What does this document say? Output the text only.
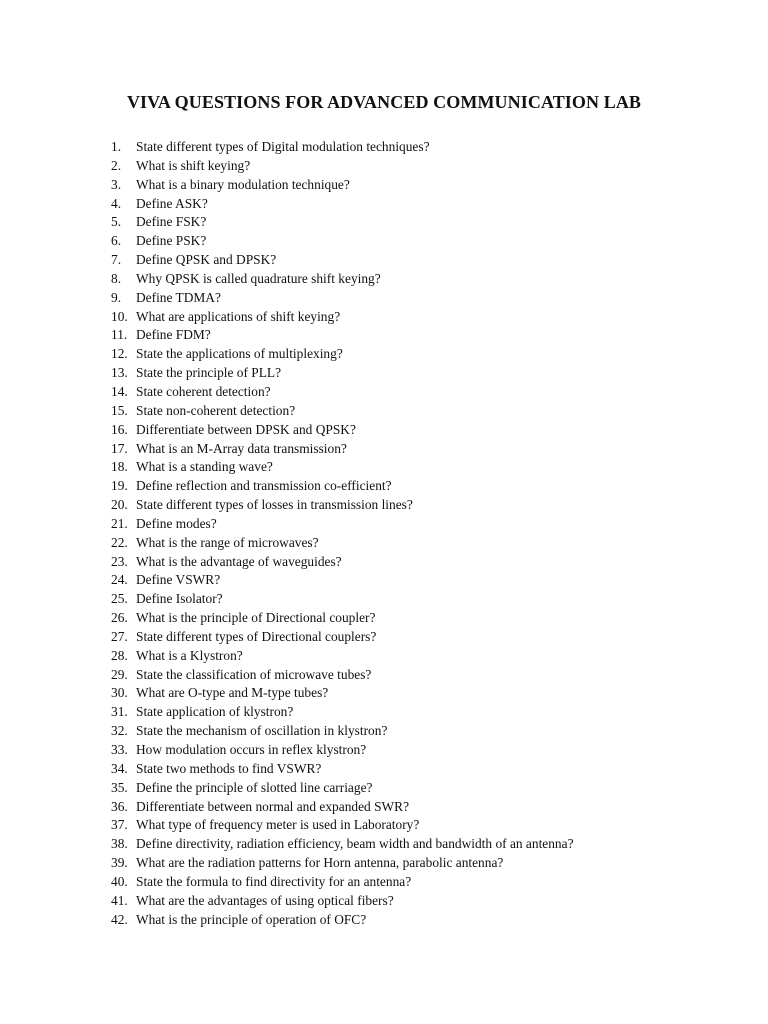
VIVA QUESTIONS FOR ADVANCED COMMUNICATION LAB
1.	State different types of Digital modulation techniques?
2.	What is shift keying?
3.	What is a binary modulation technique?
4.	Define ASK?
5.	Define FSK?
6.	Define PSK?
7.	Define QPSK and DPSK?
8.	Why QPSK is called quadrature shift keying?
9.	Define TDMA?
10. What are applications of shift keying?
11. Define FDM?
12. State the applications of multiplexing?
13. State the principle of PLL?
14. State coherent detection?
15. State non-coherent detection?
16. Differentiate between DPSK and QPSK?
17. What is an M-Array data transmission?
18. What is a standing wave?
19. Define reflection and transmission co-efficient?
20. State different types of losses in transmission lines?
21. Define modes?
22. What is the range of microwaves?
23. What is the advantage of waveguides?
24. Define VSWR?
25. Define Isolator?
26. What is the principle of Directional coupler?
27. State different types of Directional couplers?
28. What is a Klystron?
29. State the classification of microwave tubes?
30. What are O-type and M-type tubes?
31. State application of klystron?
32. State the mechanism of oscillation in klystron?
33. How modulation occurs in reflex klystron?
34. State two methods to find VSWR?
35. Define the principle of slotted line carriage?
36. Differentiate between normal and expanded SWR?
37. What type of frequency meter is used in Laboratory?
38. Define directivity, radiation efficiency, beam width and bandwidth of an antenna?
39. What are the radiation patterns for Horn antenna, parabolic antenna?
40. State the formula to find directivity for an antenna?
41. What are the advantages of using optical fibers?
42. What is the principle of operation of OFC?
